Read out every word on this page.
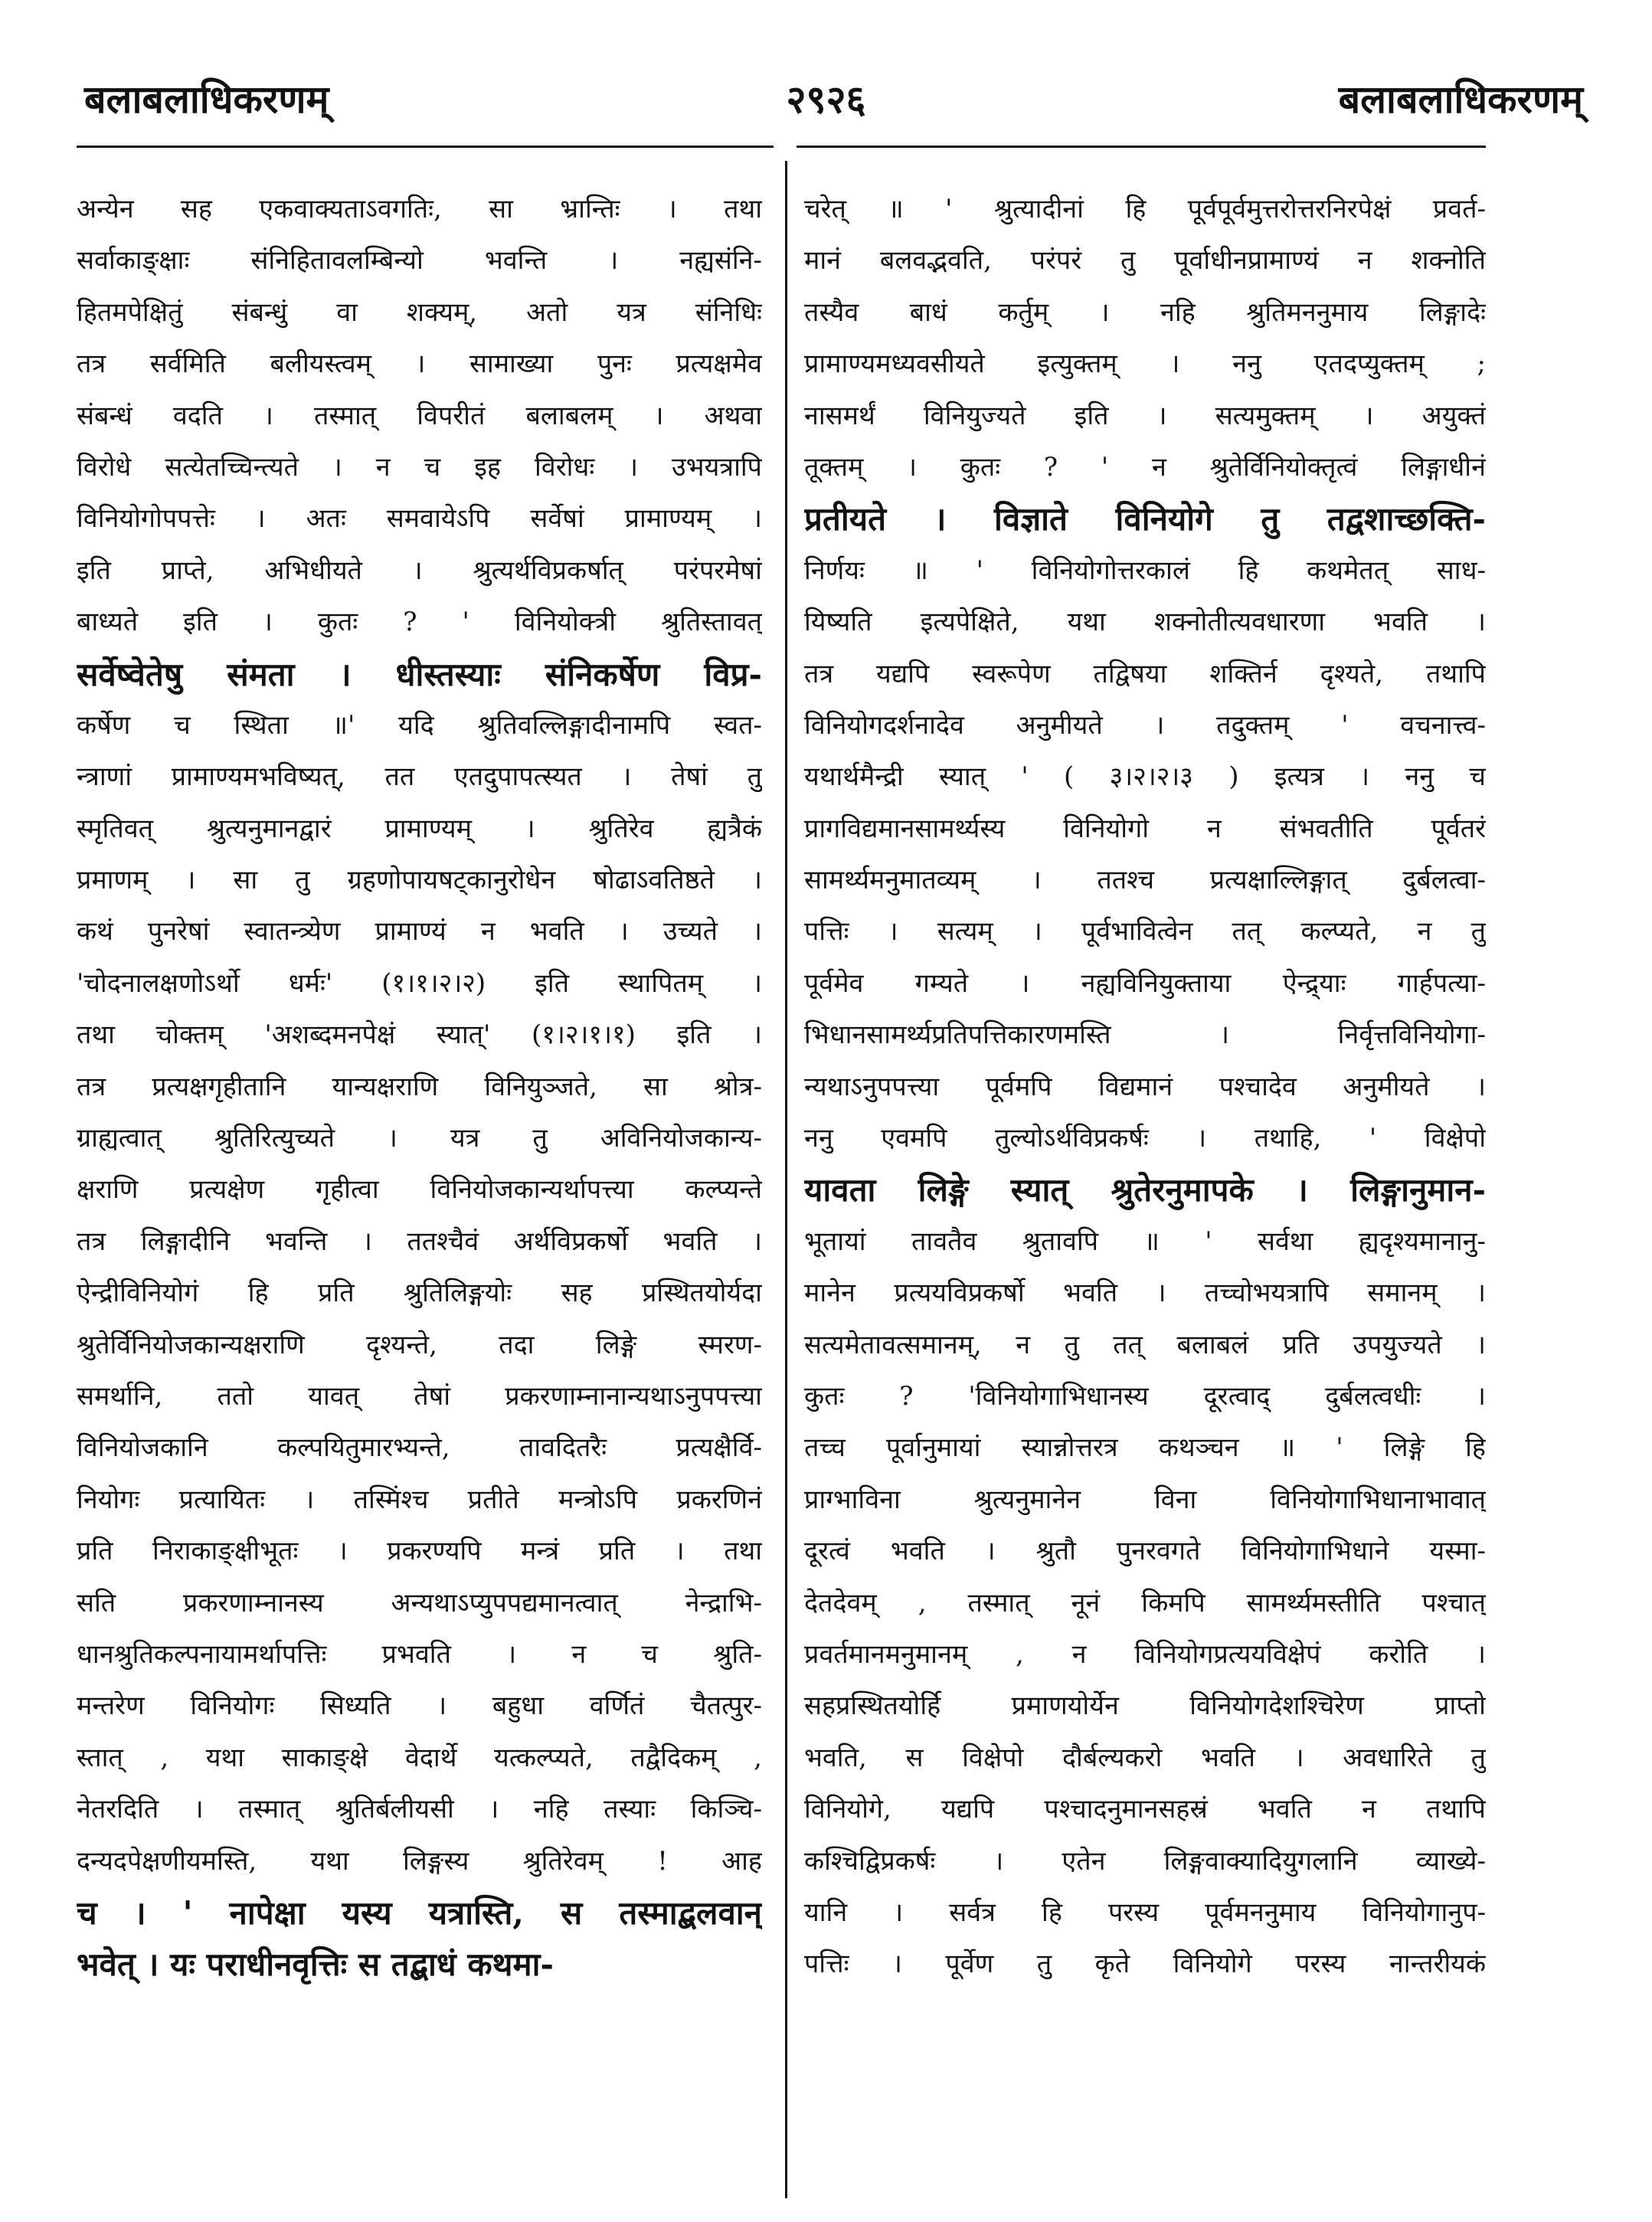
बलाबलाधिकरणम्	२९२६	बलाबलाधिकरणम्
अन्येन सह एकवाक्यताऽवगतिः, सा भ्रान्तिः । तथा
सर्वाकाङ्क्षाः संनिहितावलम्बिन्यो भवन्ति । नह्यसंनि-
हितमपेक्षितुं संबन्धुं वा शक्यम्, अतो यत्र संनिधिः
तत्र सर्वमिति बलीयस्त्वम् । सामाख्या पुनः प्रत्यक्षमेव
संबन्धं वदति । तस्मात् विपरीतं बलाबलम् । अथवा
विरोधे सत्येतच्चिन्त्यते । न च इह विरोधः । उभयत्रापि
विनियोगोपपत्तेः । अतः समवायेऽपि सर्वेषां प्रामाण्यम् ।
इति प्राप्ते, अभिधीयते । श्रुत्यर्थविप्रकर्षात् परंपरमेषां
बाध्यते इति । कुतः ? ' विनियोक्त्री श्रुतिस्तावत्
सर्वेष्वेतेषु संमता । धीस्तस्याः संनिकर्षेण विप्र-
कर्षेण च स्थिता ॥' यदि श्रुतिवल्लिङ्गादीनामपि स्वत-
न्त्राणां प्रामाण्यमभविष्यत्, तत एतदुपापत्स्यत । तेषां तु
स्मृतिवत् श्रुत्यनुमानद्वारं प्रामाण्यम् । श्रुतिरेव ह्यत्रैकं
प्रमाणम् । सा तु ग्रहणोपायषट्कानुरोधेन षोढाऽवतिष्ठते ।
कथं पुनरेषां स्वातन्त्र्येण प्रामाण्यं न भवति । उच्यते ।
'चोदनालक्षणोऽर्थो धर्मः' (१।१।२।२) इति स्थापितम् ।
तथा चोक्तम् 'अशब्दमनपेक्षं स्यात्' (१।२।१।१) इति ।
तत्र प्रत्यक्षगृहीतानि यान्यक्षराणि विनियुञ्जते, सा श्रोत्र-
ग्राह्यत्वात् श्रुतिरित्युच्यते । यत्र तु अविनियोजकान्य-
क्षराणि प्रत्यक्षेण गृहीत्वा विनियोजकान्यर्थापत्त्या कल्प्यन्ते
तत्र लिङ्गादीनि भवन्ति । ततश्चैवं अर्थविप्रकर्षो भवति ।
ऐन्द्रीविनियोगं हि प्रति श्रुतिलिङ्गयोः सह प्रस्थितयोर्यदा
श्रुतेर्विनियोजकान्यक्षराणि दृश्यन्ते, तदा लिङ्गे स्मरण-
समर्थानि, ततो यावत् तेषां प्रकरणाम्नानान्यथाऽनुपपत्त्या
विनियोजकानि कल्पयितुमारभ्यन्ते, तावदितरैः प्रत्यक्षैर्वि-
नियोगः प्रत्यायितः । तस्मिंश्च प्रतीते मन्त्रोऽपि प्रकरणिनं
प्रति निराकाङ्क्षीभूतः । प्रकरण्यपि मन्त्रं प्रति । तथा
सति प्रकरणाम्नानस्य अन्यथाऽप्युपपद्यमानत्वात् नेन्द्राभि-
धानश्रुतिकल्पनायामर्थापत्तिः प्रभवति । न च श्रुति-
मन्तरेण विनियोगः सिध्यति । बहुधा वर्णितं चैतत्पुर-
स्तात् , यथा साकाङ्क्षे वेदार्थे यत्कल्प्यते, तद्वैदिकम् ,
नेतरदिति । तस्मात् श्रुतिर्बलीयसी । नहि तस्याः किञ्चि-
दन्यदपेक्षणीयमस्ति, यथा लिङ्गस्य श्रुतिरेवम् ! आह
च । ' नापेक्षा यस्य यत्रास्ति, स तस्माद्बलवान्
भवेत् । यः पराधीनवृत्तिः स तद्बाधं कथमा-
चरेत् ॥ ' श्रुत्यादीनां हि पूर्वपूर्वमुत्तरोत्तरनिरपेक्षं प्रवर्त-
मानं बलवद्भवति, परंपरं तु पूर्वाधीनप्रामाण्यं न शक्नोति
तस्यैव बाधं कर्तुम् । नहि श्रुतिमननुमाय लिङ्गादेः
प्रामाण्यमध्यवसीयते इत्युक्तम् । ननु एतदप्युक्तम् ;
नासमर्थं विनियुज्यते इति । सत्यमुक्तम् । अयुक्तं
तूक्तम् । कुतः ? ' न श्रुतेर्विनियोक्तृत्वं लिङ्गाधीनं
प्रतीयते । विज्ञाते विनियोगे तु तद्वशाच्छक्ति-
निर्णयः ॥ ' विनियोगोत्तरकालं हि कथमेतत् साध-
यिष्यति इत्यपेक्षिते, यथा शक्नोतीत्यवधारणा भवति ।
तत्र यद्यपि स्वरूपेण तद्विषया शक्तिर्न दृश्यते, तथापि
विनियोगदर्शनादेव अनुमीयते । तदुक्तम् ' वचनात्त्व-
यथार्थमैन्द्री स्यात् ' ( ३।२।२।३ ) इत्यत्र । ननु च
प्रागविद्यमानसामर्थ्यस्य विनियोगो न संभवतीति पूर्वतरं
सामर्थ्यमनुमातव्यम् । ततश्च प्रत्यक्षाल्लिङ्गात् दुर्बलत्वा-
पत्तिः । सत्यम् । पूर्वभावित्वेन तत् कल्प्यते, न तु
पूर्वमेव गम्यते । नह्यविनियुक्ताया ऐन्द्र्याः गार्हपत्या-
भिधानसामर्थ्यप्रतिपत्तिकारणमस्ति । निर्वृत्तविनियोगा-
न्यथाऽनुपपत्त्या पूर्वमपि विद्यमानं पश्चादेव अनुमीयते ।
ननु एवमपि तुल्योऽर्थविप्रकर्षः । तथाहि, ' विक्षेपो
यावता लिङ्गे स्यात् श्रुतेरनुमापके । लिङ्गानुमान-
भूतायां तावतैव श्रुतावपि ॥ ' सर्वथा ह्यदृश्यमानानु-
मानेन प्रत्ययविप्रकर्षो भवति । तच्चोभयत्रापि समानम् ।
सत्यमेतावत्समानम्, न तु तत् बलाबलं प्रति उपयुज्यते ।
कुतः ? 'विनियोगाभिधानस्य दूरत्वाद् दुर्बलत्वधीः ।
तच्च पूर्वानुमायां स्यान्नोत्तरत्र कथञ्चन ॥ ' लिङ्गे हि
प्राग्भाविना श्रुत्यनुमानेन विना विनियोगाभिधानाभावात्
दूरत्वं भवति । श्रुतौ पुनरवगते विनियोगाभिधाने यस्मा-
देतदेवम् , तस्मात् नूनं किमपि सामर्थ्यमस्तीति पश्चात्
प्रवर्तमानमनुमानम् , न विनियोगप्रत्ययविक्षेपं करोति ।
सहप्रस्थितयोर्हि प्रमाणयोर्येन विनियोगदेशश्चिरेण प्राप्तो
भवति, स विक्षेपो दौर्बल्यकरो भवति । अवधारिते तु
विनियोगे, यद्यपि पश्चादनुमानसहस्रं भवति न तथापि
कश्चिद्विप्रकर्षः । एतेन लिङ्गवाक्यादियुगलानि व्याख्ये-
यानि । सर्वत्र हि परस्य पूर्वमननुमाय विनियोगानुप-
पत्तिः । पूर्वेण तु कृते विनियोगे परस्य नान्तरीयकं
